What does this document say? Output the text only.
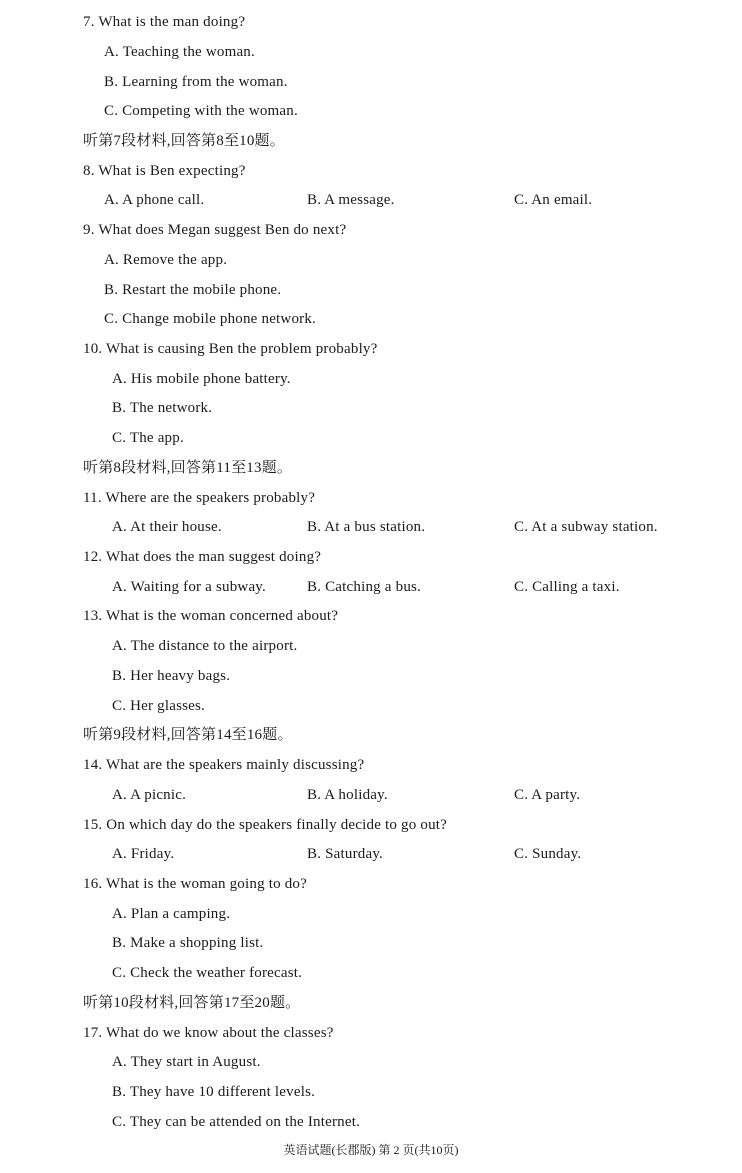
7. What is the man doing?
A. Teaching the woman.
B. Learning from the woman.
C. Competing with the woman.
听第7段材料,回答第8至10题。
8. What is Ben expecting?
A. A phone call.	B. A message.	C. An email.
9. What does Megan suggest Ben do next?
A. Remove the app.
B. Restart the mobile phone.
C. Change mobile phone network.
10. What is causing Ben the problem probably?
A. His mobile phone battery.
B. The network.
C. The app.
听第8段材料,回答第11至13题。
11. Where are the speakers probably?
A. At their house.	B. At a bus station.	C. At a subway station.
12. What does the man suggest doing?
A. Waiting for a subway.	B. Catching a bus.	C. Calling a taxi.
13. What is the woman concerned about?
A. The distance to the airport.
B. Her heavy bags.
C. Her glasses.
听第9段材料,回答第14至16题。
14. What are the speakers mainly discussing?
A. A picnic.	B. A holiday.	C. A party.
15. On which day do the speakers finally decide to go out?
A. Friday.	B. Saturday.	C. Sunday.
16. What is the woman going to do?
A. Plan a camping.
B. Make a shopping list.
C. Check the weather forecast.
听第10段材料,回答第17至20题。
17. What do we know about the classes?
A. They start in August.
B. They have 10 different levels.
C. They can be attended on the Internet.
英语试题(长郡版) 第 2 页(共10页)
